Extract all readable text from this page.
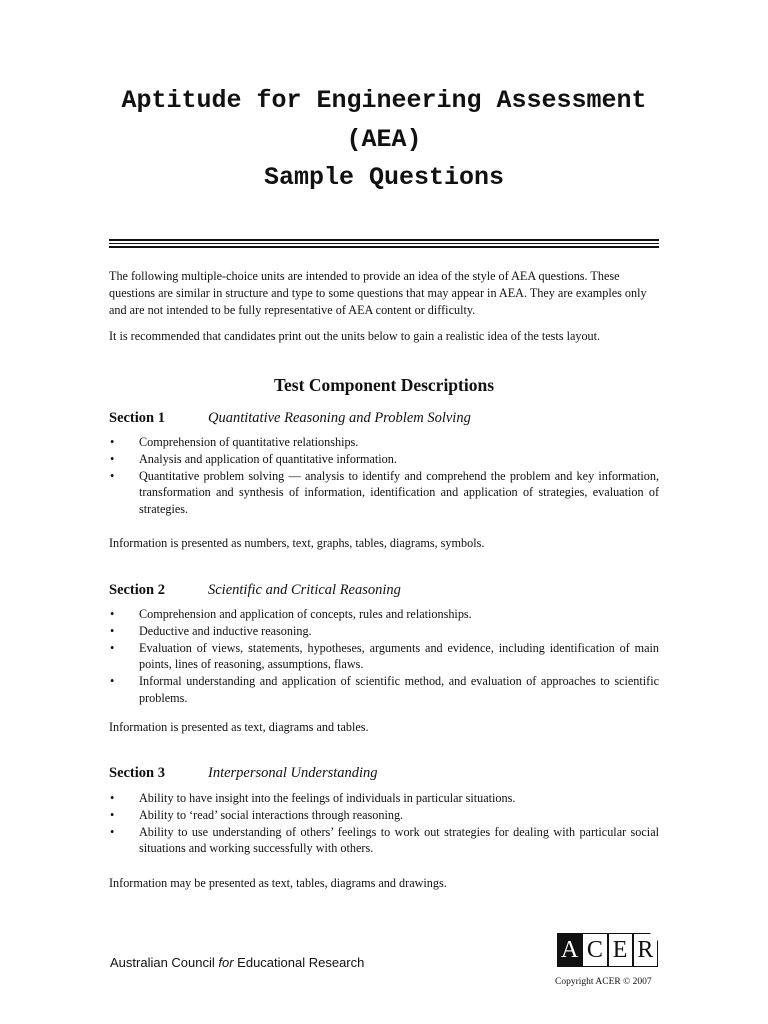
Aptitude for Engineering Assessment
(AEA)
Sample Questions

The following multiple-choice units are intended to provide an idea of the style of AEA questions. These questions are similar in structure and type to some questions that may appear in AEA. They are examples only and are not intended to be fully representative of AEA content or difficulty.

It is recommended that candidates print out the units below to gain a realistic idea of the tests layout.

Test Component Descriptions
Section 1	Quantitative Reasoning and Problem Solving
• Comprehension of quantitative relationships.
• Analysis and application of quantitative information.
• Quantitative problem solving — analysis to identify and comprehend the problem and key information, transformation and synthesis of information, identification and application of strategies, evaluation of strategies.

Information is presented as numbers, text, graphs, tables, diagrams, symbols.

Section 2	Scientific and Critical Reasoning
• Comprehension and application of concepts, rules and relationships.
• Deductive and inductive reasoning.
• Evaluation of views, statements, hypotheses, arguments and evidence, including identification of main points, lines of reasoning, assumptions, flaws.
• Informal understanding and application of scientific method, and evaluation of approaches to scientific problems.

Information is presented as text, diagrams and tables.

Section 3	Interpersonal Understanding
• Ability to have insight into the feelings of individuals in particular situations.
• Ability to ‘read’ social interactions through reasoning.
• Ability to use understanding of others’ feelings to work out strategies for dealing with particular social situations and working successfully with others.

Information may be presented as text, tables, diagrams and drawings.

Australian Council for Educational Research	A C E R
Copyright ACER © 2007
